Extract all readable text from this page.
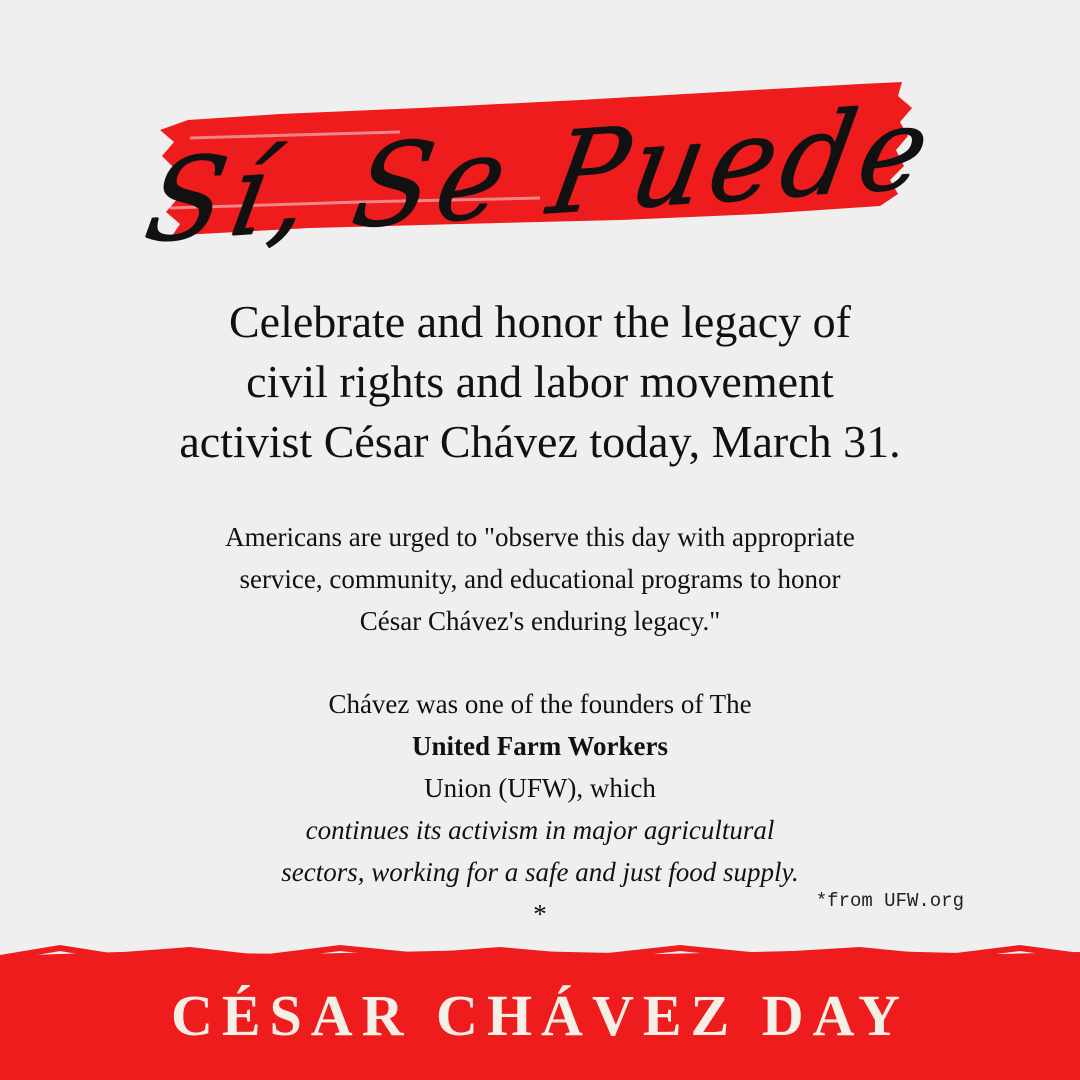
Sí, Se Puede
Celebrate and honor the legacy of
civil rights and labor movement
activist César Chávez today, March 31.
Americans are urged to "observe this day with appropriate
service, community, and educational programs to honor
César Chávez's enduring legacy."
Chávez was one of the founders of The
United Farm Workers
Union (UFW), which
continues its activism in major agricultural
sectors, working for a safe and just food supply.
*	*from UFW.org
CÉSAR CHÁVEZ DAY
